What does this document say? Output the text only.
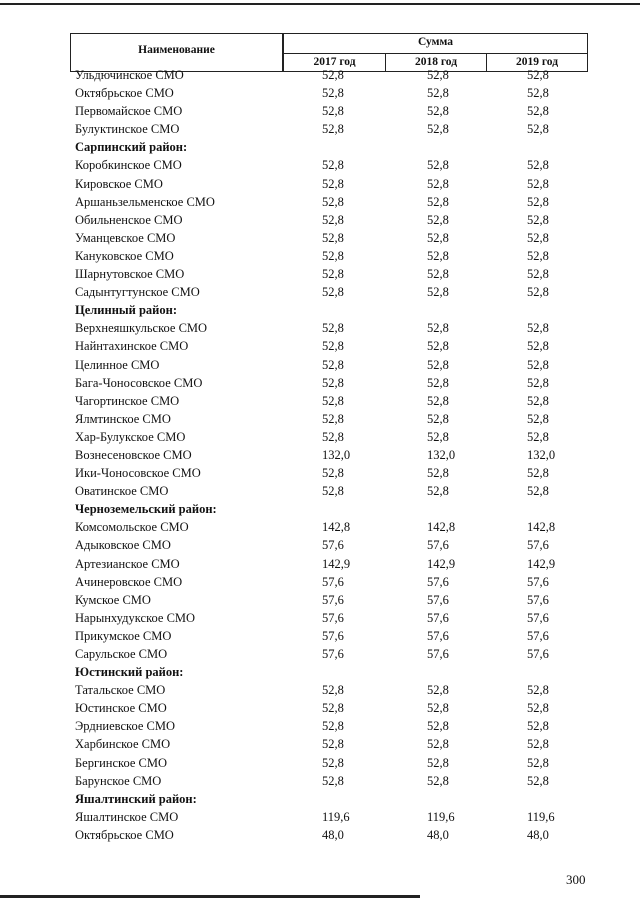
Наименование
Сумма
2017 год	2018 год	2019 год
Ульдючинское СМО	52,8	52,8	52,8
Октябрьское СМО	52,8	52,8	52,8
Первомайское СМО	52,8	52,8	52,8
Булуктинское СМО	52,8	52,8	52,8
Сарпинский район:
Коробкинское СМО	52,8	52,8	52,8
Кировское СМО	52,8	52,8	52,8
Аршаньзельменское СМО	52,8	52,8	52,8
Обильненское СМО	52,8	52,8	52,8
Уманцевское СМО	52,8	52,8	52,8
Кануковское СМО	52,8	52,8	52,8
Шарнутовское СМО	52,8	52,8	52,8
Садынтугтунское СМО	52,8	52,8	52,8
Целинный район:
Верхнеяшкульское СМО	52,8	52,8	52,8
Найнтахинское СМО	52,8	52,8	52,8
Целинное СМО	52,8	52,8	52,8
Бага-Чоносовское СМО	52,8	52,8	52,8
Чагортинское СМО	52,8	52,8	52,8
Ялмтинское СМО	52,8	52,8	52,8
Хар-Булукское СМО	52,8	52,8	52,8
Вознесеновское СМО	132,0	132,0	132,0
Ики-Чоносовское СМО	52,8	52,8	52,8
Оватинское СМО	52,8	52,8	52,8
Черноземельский район:
Комсомольское СМО	142,8	142,8	142,8
Адыковское СМО	57,6	57,6	57,6
Артезианское СМО	142,9	142,9	142,9
Ачинеровское СМО	57,6	57,6	57,6
Кумское СМО	57,6	57,6	57,6
Нарынхудукское СМО	57,6	57,6	57,6
Прикумское СМО	57,6	57,6	57,6
Сарульское СМО	57,6	57,6	57,6
Юстинский район:
Татальское СМО	52,8	52,8	52,8
Юстинское СМО	52,8	52,8	52,8
Эрдниевское СМО	52,8	52,8	52,8
Харбинское СМО	52,8	52,8	52,8
Бергинское СМО	52,8	52,8	52,8
Барунское СМО	52,8	52,8	52,8
Яшалтинский район:
Яшалтинское СМО	119,6	119,6	119,6
Октябрьское СМО	48,0	48,0	48,0
300
